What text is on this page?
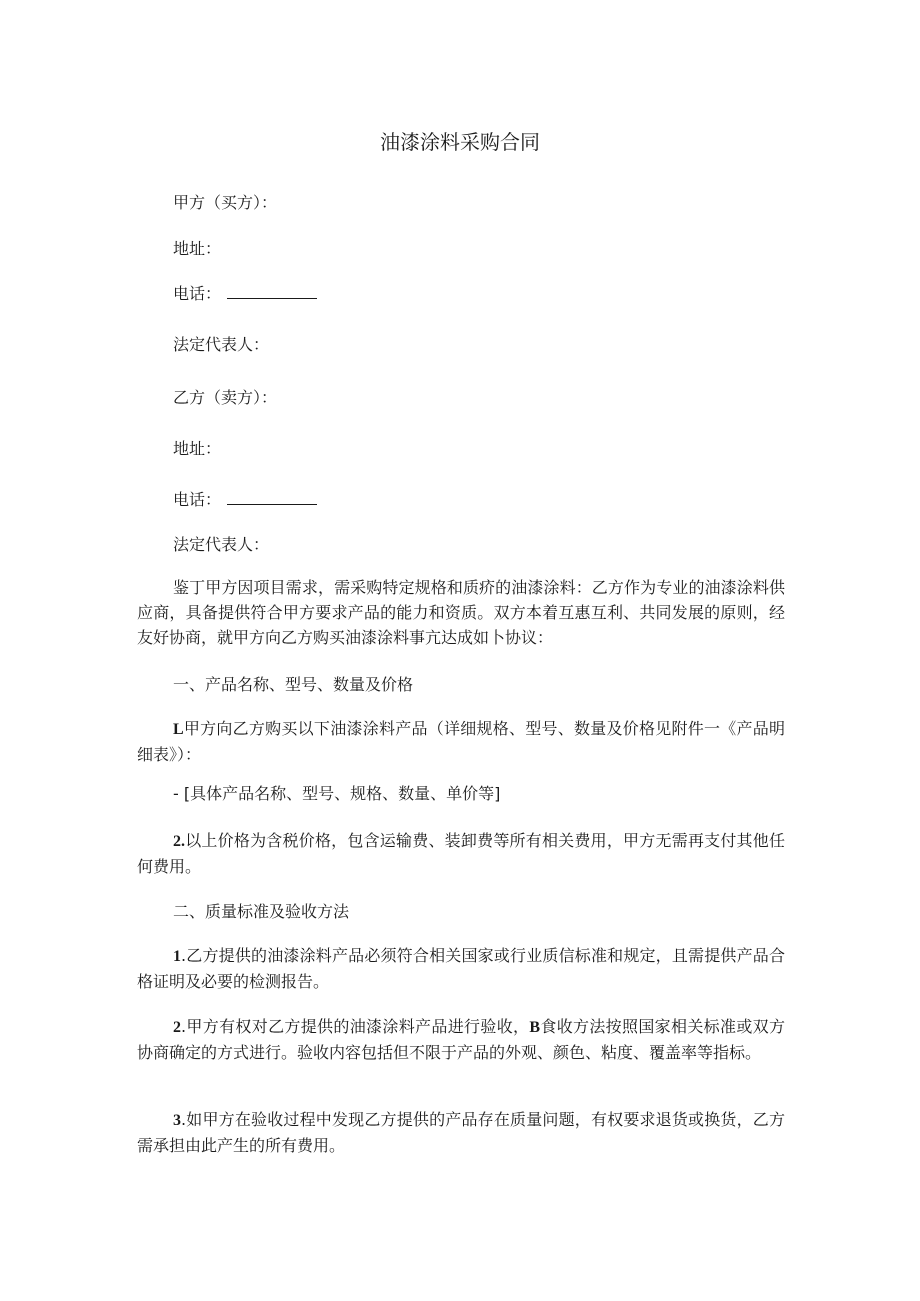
油漆涂料采购合同
甲方（买方）：
地址：
电话：
法定代表人：
乙方（卖方）：
地址：
电话：
法定代表人：
鉴丁甲方因项目需求，需采购特定规格和质疥的油漆涂料：乙方作为专业的油漆涂料供应商，具备提供符合甲方要求产品的能力和资质。双方本着互惠互利、共同发展的原则，经友好协商，就甲方向乙方购买油漆涂料事亢达成如卜协议：
一、产品名称、型号、数量及价格
L甲方向乙方购买以下油漆涂料产品（详细规格、型号、数量及价格见附件一《产品明细表》）：
- [具体产品名称、型号、规格、数量、单价等]
2.以上价格为含税价格，包含运输费、装卸费等所有相关费用，甲方无需再支付其他任何费用。
二、质量标准及验收方法
1.乙方提供的油漆涂料产品必须符合相关国家或行业质信标准和规定，且需提供产品合格证明及必要的检测报告。
2.甲方有权对乙方提供的油漆涂料产品进行验收，B食收方法按照国家相关标准或双方协商确定的方式进行。验收内容包括但不限于产品的外观、颜色、粘度、覆盖率等指标。
3.如甲方在验收过程中发现乙方提供的产品存在质量问题，有权要求退货或换货，乙方需承担由此产生的所有费用。
